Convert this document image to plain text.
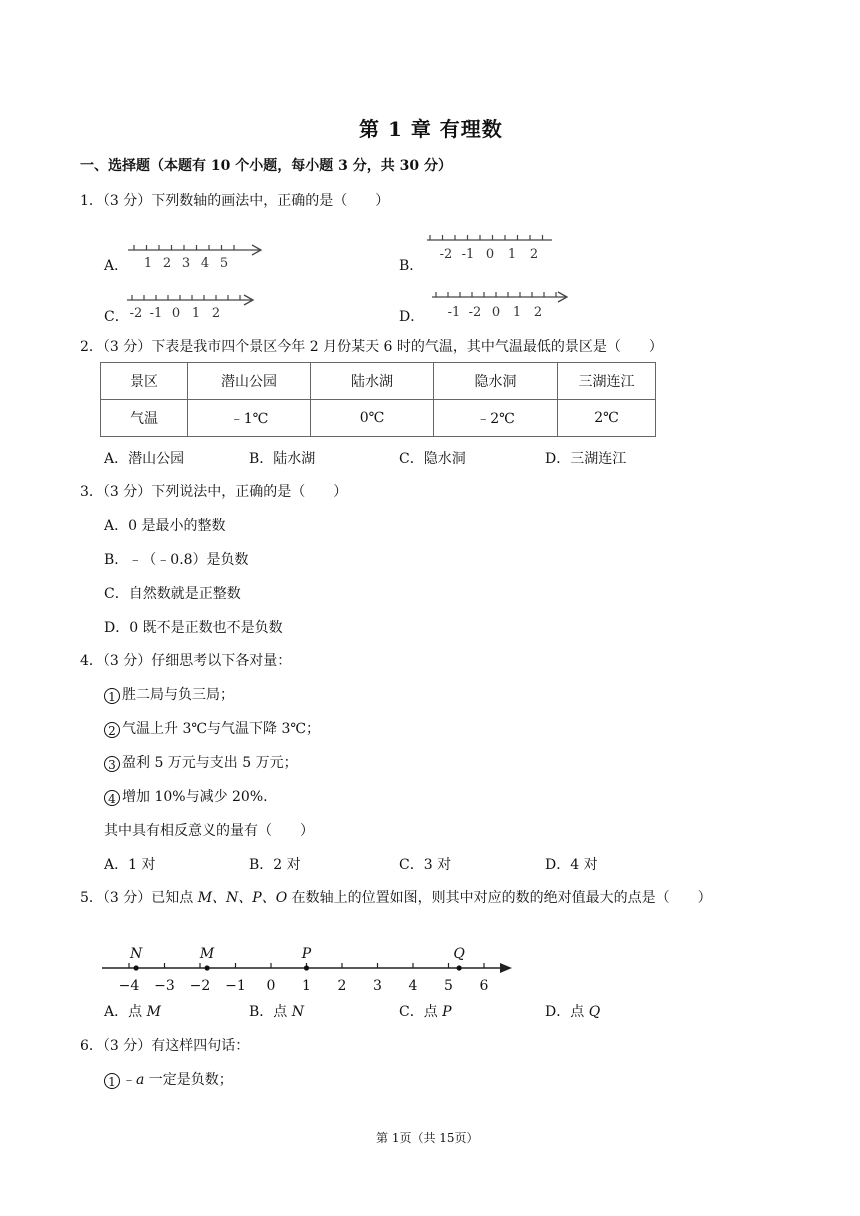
第 1 章 有理数
一、选择题（本题有 10 个小题，每小题 3 分，共 30 分）
1．（3 分）下列数轴的画法中，正确的是（　　）
A． 1 2 3 4 5	B．
-2 -1 0 1 2
C． -2 -1 0 1 2	D． -1 -2 0 1 2
2．（3 分）下表是我市四个景区今年 2 月份某天 6 时的气温，其中气温最低的景区是（　　）
景区	潜山公园	陆水湖	隐水洞	三湖连江
气温	﹣1℃	0℃	﹣2℃	2℃
A．潜山公园	B．陆水湖	C．隐水洞	D．三湖连江
3．（3 分）下列说法中，正确的是（　　）
A．0 是最小的整数
B．﹣（﹣0.8）是负数
C．自然数就是正整数
D．0 既不是正数也不是负数
4．（3 分）仔细思考以下各对量：
1 胜二局与负三局；
2 气温上升 3℃与气温下降 3℃；
3 盈利 5 万元与支出 5 万元；
4 增加 10%与减少 20%.
其中具有相反意义的量有（　　）
A．1 对	B．2 对	C．3 对	D．4 对
5．（3 分）已知点 M、N、P、O 在数轴上的位置如图，则其中对应的数的绝对值最大的点是（　　）
−4 −3 −2 −1 0 1 2 3 4 5 6
N	M	P	Q
A．点 M	B．点 N	C．点 P	D．点 Q
6．（3 分）有这样四句话：
1 ﹣a 一定是负数；
第 1页（共 15页）
